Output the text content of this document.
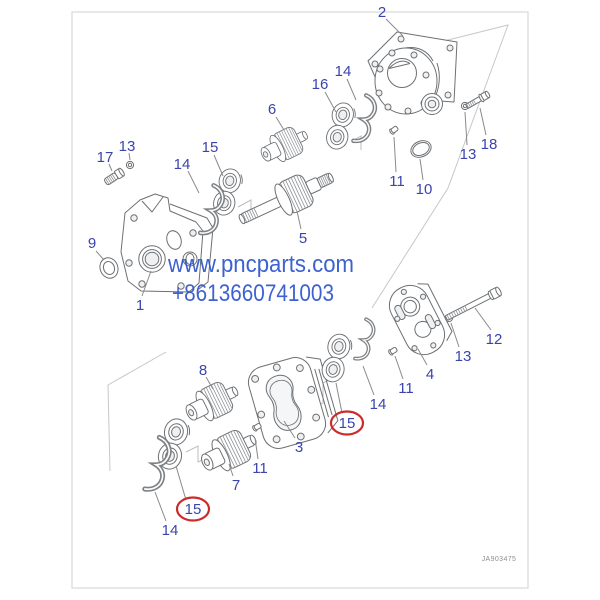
2
14
16
6
15
14
13
17
9
1
5
11 10
13
18
12
13
4
11
14
15
3
11
7
8
15
14
www.pncparts.com
+8613660741003
JA903475
